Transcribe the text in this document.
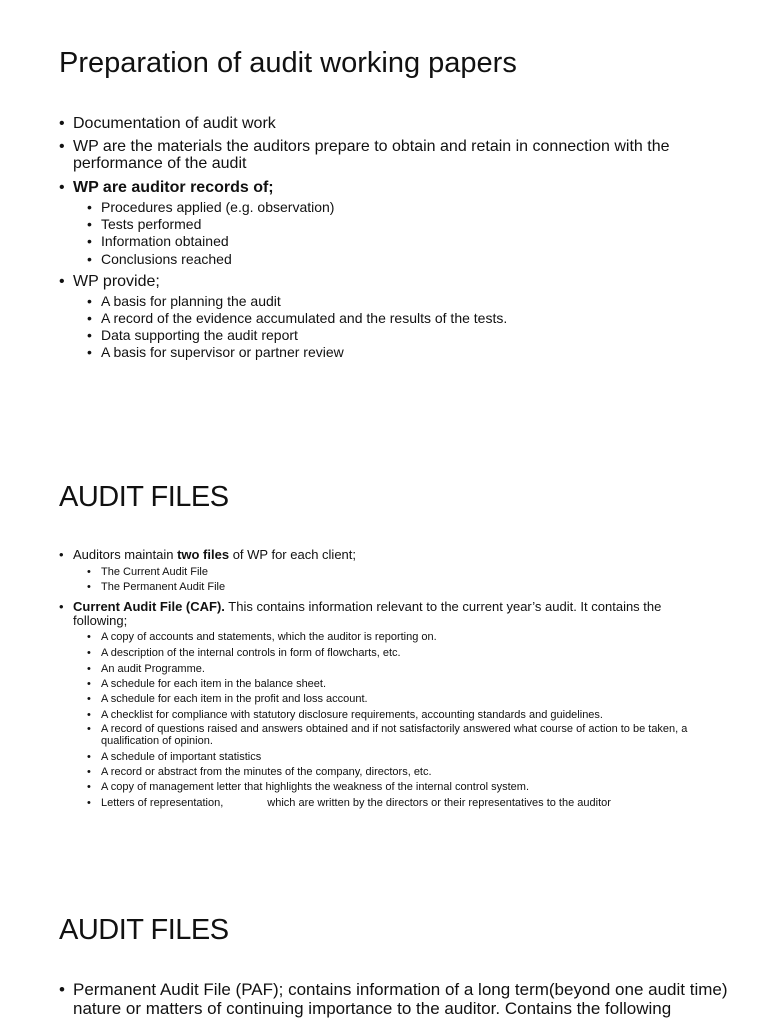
Preparation of audit working papers
• Documentation of audit work
• WP are the materials the auditors prepare to obtain and retain in connection with the performance of the audit
• WP are auditor records of;
• Procedures applied (e.g. observation)
• Tests performed
• Information obtained
• Conclusions reached
• WP provide;
• A basis for planning the audit
• A record of the evidence accumulated and the results of the tests.
• Data supporting the audit report
• A basis for supervisor or partner review
AUDIT FILES
• Auditors maintain two files of WP for each client;
• The Current Audit File
• The Permanent Audit File
• Current Audit File (CAF). This contains information relevant to the current year’s audit. It contains the following;
• A copy of accounts and statements, which the auditor is reporting on.
• A description of the internal controls in form of flowcharts, etc.
• An audit Programme.
• A schedule for each item in the balance sheet.
• A schedule for each item in the profit and loss account.
• A checklist for compliance with statutory disclosure requirements, accounting standards and guidelines.
• A record of questions raised and answers obtained and if not satisfactorily answered what course of action to be taken, a qualification of opinion.
• A schedule of important statistics
• A record or abstract from the minutes of the company, directors, etc.
• A copy of management letter that highlights the weakness of the internal control system.
• Letters of representation,	which are written by the directors or their representatives to the auditor
AUDIT FILES
• Permanent Audit File (PAF); contains information of a long term(beyond one audit time) nature or matters of continuing importance to the auditor. Contains the following
